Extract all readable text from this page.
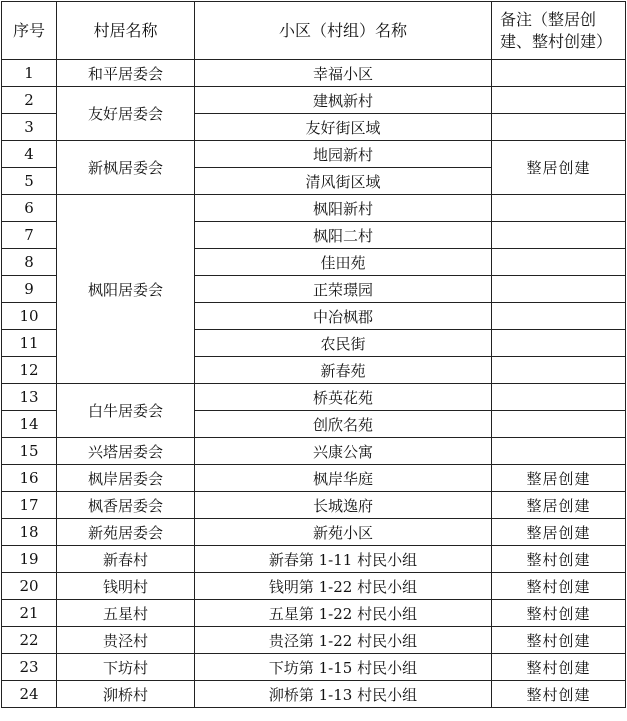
序号	村居名称	小区（村组）名称	备注（整居创建、整村创建）
1	和平居委会	幸福小区	
2	友好居委会	建枫新村	
3		友好街区域	
4	新枫居委会	地园新村	整居创建
5		清风街区域	
6	枫阳居委会	枫阳新村	
7		枫阳二村	
8		佳田苑	
9		正荣璟园	
10		中冶枫郡	
11		农民街	
12		新春苑	
13	白牛居委会	桥英花苑	
14		创欣名苑	
15	兴塔居委会	兴康公寓	
16	枫岸居委会	枫岸华庭	整居创建
17	枫香居委会	长城逸府	整居创建
18	新苑居委会	新苑小区	整居创建
19	新春村	新春第 1-11 村民小组	整村创建
20	钱明村	钱明第 1-22 村民小组	整村创建
21	五星村	五星第 1-22 村民小组	整村创建
22	贵泾村	贵泾第 1-22 村民小组	整村创建
23	下坊村	下坊第 1-15 村民小组	整村创建
24	泖桥村	泖桥第 1-13 村民小组	整村创建
